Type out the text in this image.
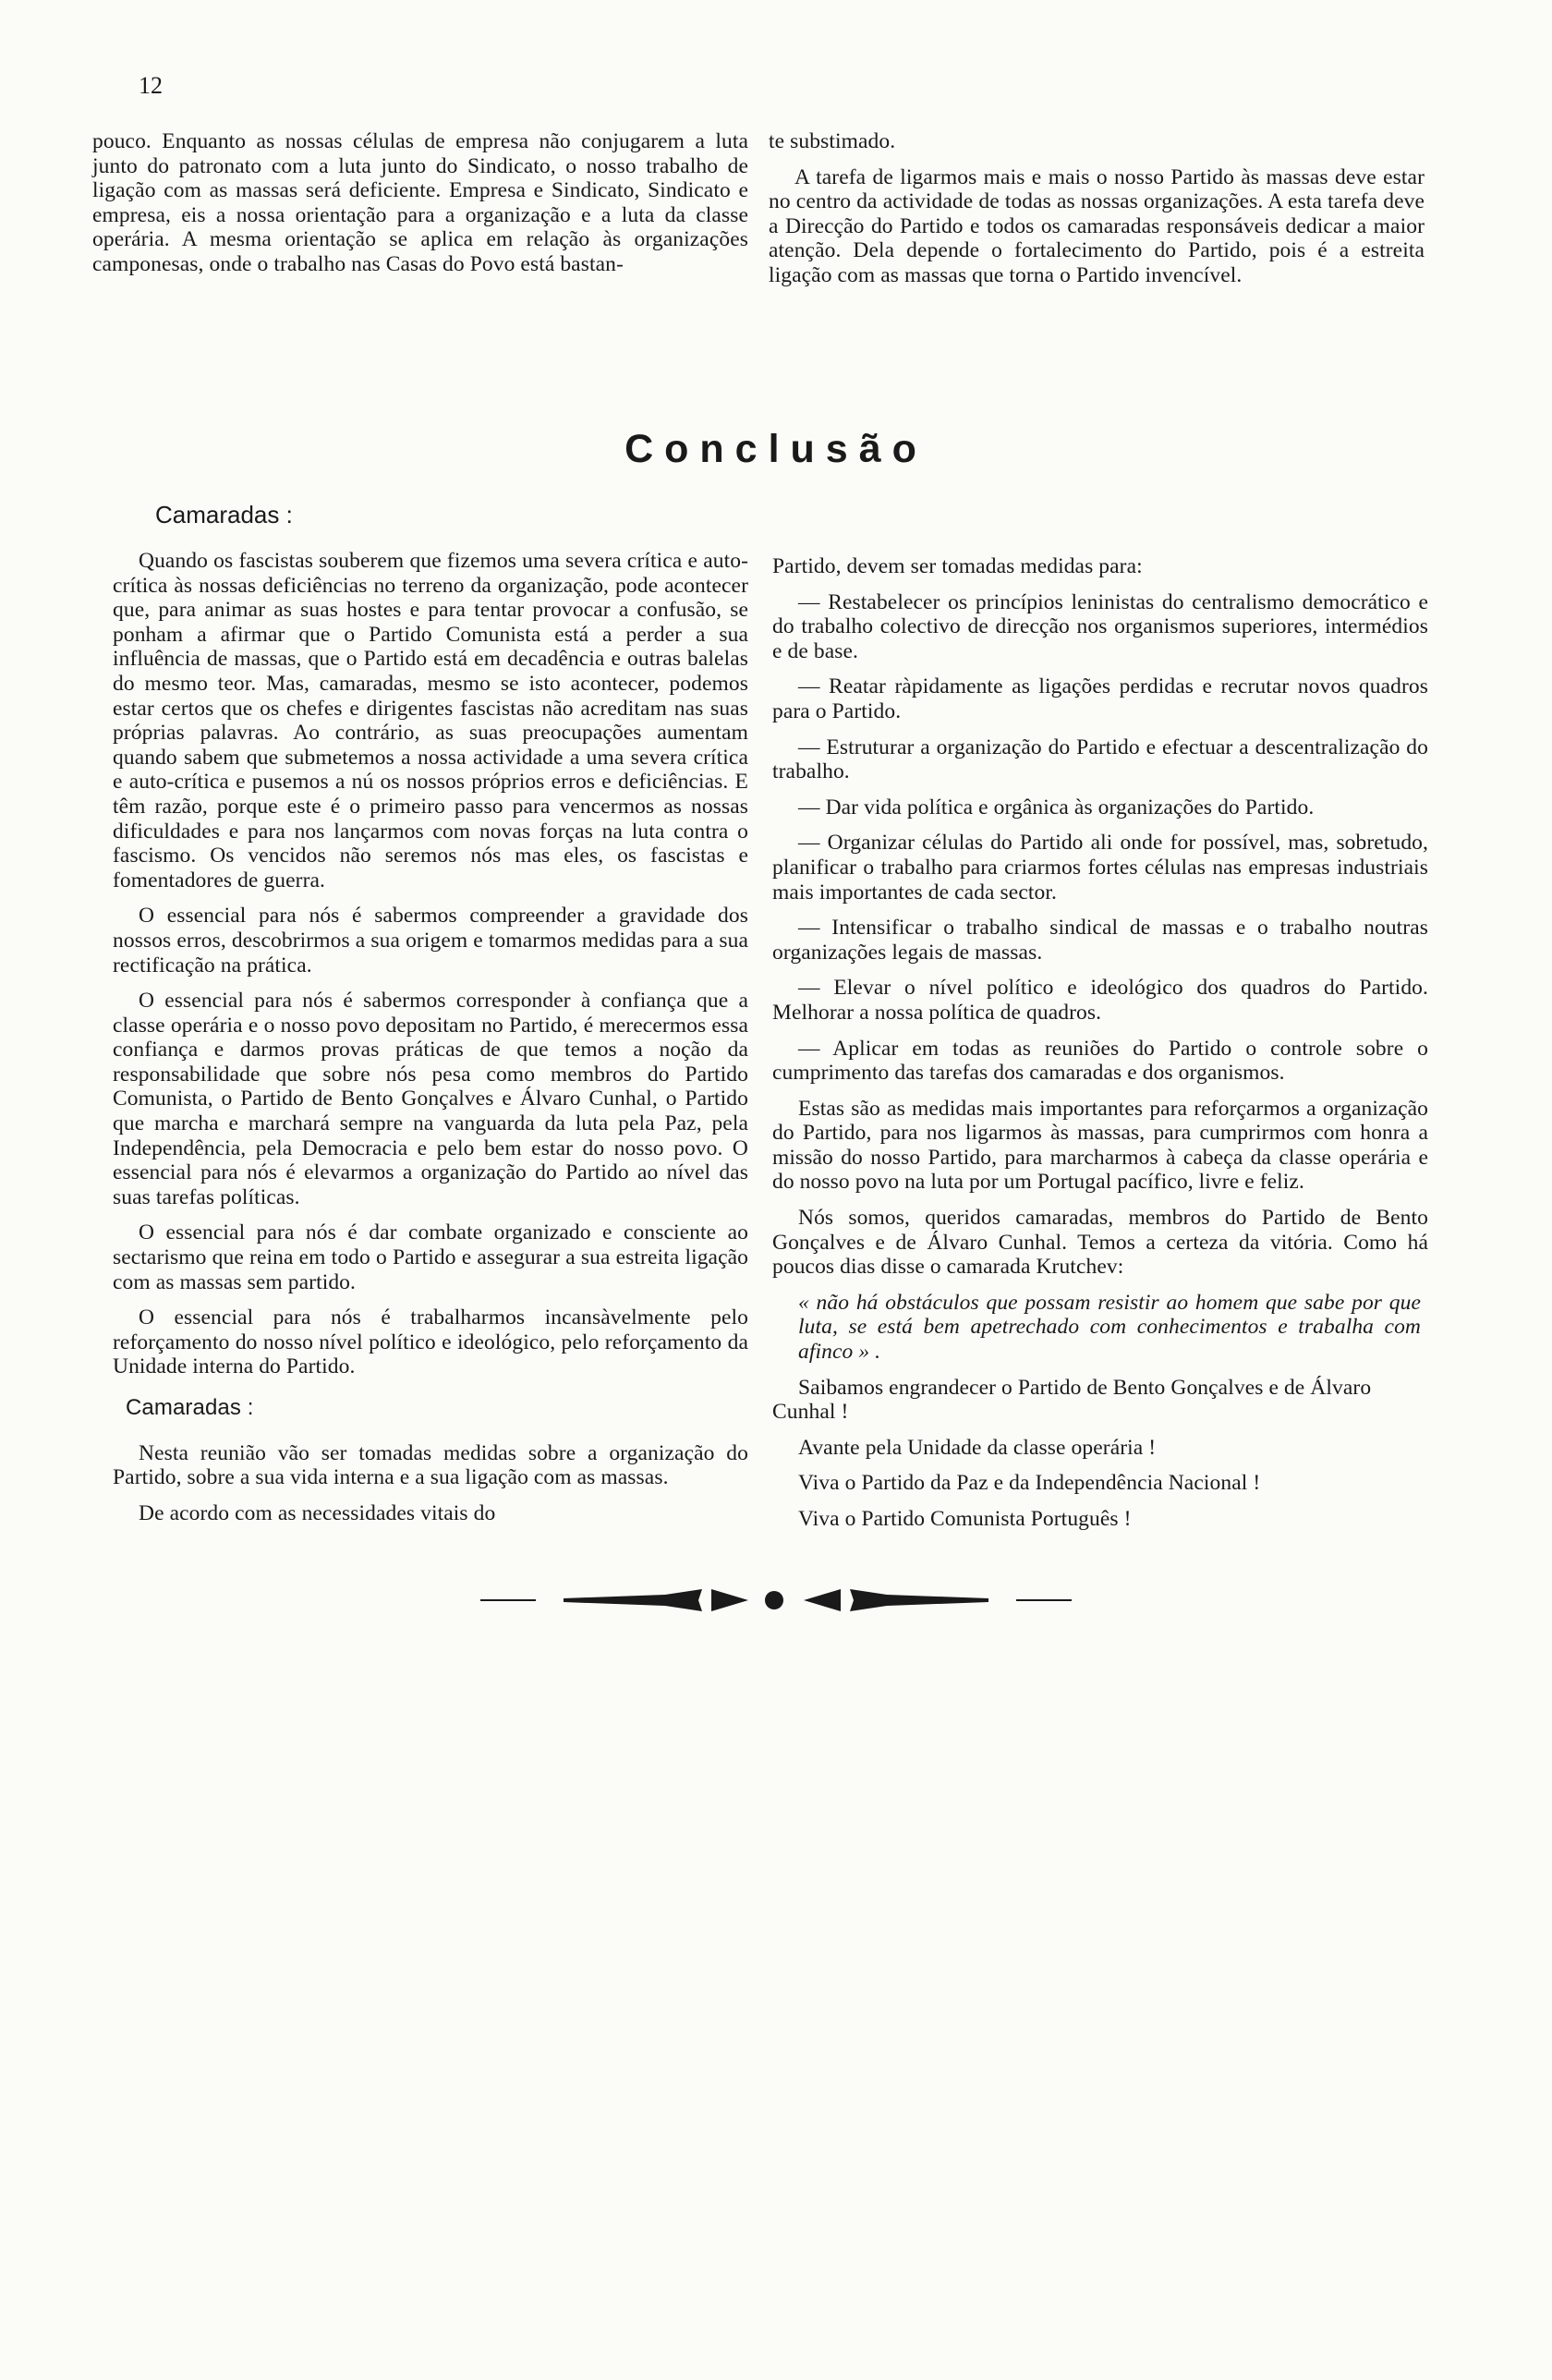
12

pouco. Enquanto as nossas células de empresa não conjugarem a luta junto do patronato com a luta junto do Sindicato, o nosso trabalho de ligação com as massas será deficiente. Empresa e Sindicato, Sindicato e empresa, eis a nossa orientação para a organização e a luta da classe operária. A mesma orientação se aplica em relação às organizações camponesas, onde o trabalho nas Casas do Povo está bastan-

te substimado.

A tarefa de ligarmos mais e mais o nosso Partido às massas deve estar no centro da actividade de todas as nossas organizações. A esta tarefa deve a Direcção do Partido e todos os camaradas responsáveis dedicar a maior atenção. Dela depende o fortalecimento do Partido, pois é a estreita ligação com as massas que torna o Partido invencível.

Conclusão

Camaradas :

Quando os fascistas souberem que fizemos uma severa crítica e auto-crítica às nossas deficiências no terreno da organização, pode acontecer que, para animar as suas hostes e para tentar provocar a confusão, se ponham a afirmar que o Partido Comunista está a perder a sua influência de massas, que o Partido está em decadência e outras balelas do mesmo teor. Mas, camaradas, mesmo se isto acontecer, podemos estar certos que os chefes e dirigentes fascistas não acreditam nas suas próprias palavras. Ao contrário, as suas preocupações aumentam quando sabem que submetemos a nossa actividade a uma severa crítica e auto-crítica e pusemos a nú os nossos próprios erros e deficiências. E têm razão, porque este é o primeiro passo para vencermos as nossas dificuldades e para nos lançarmos com novas forças na luta contra o fascismo. Os vencidos não seremos nós mas eles, os fascistas e fomentadores de guerra.

O essencial para nós é sabermos compreender a gravidade dos nossos erros, descobrirmos a sua origem e tomarmos medidas para a sua rectificação na prática.

O essencial para nós é sabermos corresponder à confiança que a classe operária e o nosso povo depositam no Partido, é merecermos essa confiança e darmos provas práticas de que temos a noção da responsabilidade que sobre nós pesa como membros do Partido Comunista, o Partido de Bento Gonçalves e Álvaro Cunhal, o Partido que marcha e marchará sempre na vanguarda da luta pela Paz, pela Independência, pela Democracia e pelo bem estar do nosso povo. O essencial para nós é elevarmos a organização do Partido ao nível das suas tarefas políticas.

O essencial para nós é dar combate organizado e consciente ao sectarismo que reina em todo o Partido e assegurar a sua estreita ligação com as massas sem partido.

O essencial para nós é trabalharmos incansàvelmente pelo reforçamento do nosso nível político e ideológico, pelo reforçamento da Unidade interna do Partido.

Camaradas :

Nesta reunião vão ser tomadas medidas sobre a organização do Partido, sobre a sua vida interna e a sua ligação com as massas.

De acordo com as necessidades vitais do

Partido, devem ser tomadas medidas para:

— Restabelecer os princípios leninistas do centralismo democrático e do trabalho colectivo de direcção nos organismos superiores, intermédios e de base.

— Reatar ràpidamente as ligações perdidas e recrutar novos quadros para o Partido.

— Estruturar a organização do Partido e efectuar a descentralização do trabalho.

— Dar vida política e orgânica às organizações do Partido.

— Organizar células do Partido ali onde for possível, mas, sobretudo, planificar o trabalho para criarmos fortes células nas empresas industriais mais importantes de cada sector.

— Intensificar o trabalho sindical de massas e o trabalho noutras organizações legais de massas.

— Elevar o nível político e ideológico dos quadros do Partido. Melhorar a nossa política de quadros.

— Aplicar em todas as reuniões do Partido o controle sobre o cumprimento das tarefas dos camaradas e dos organismos.

Estas são as medidas mais importantes para reforçarmos a organização do Partido, para nos ligarmos às massas, para cumprirmos com honra a missão do nosso Partido, para marcharmos à cabeça da classe operária e do nosso povo na luta por um Portugal pacífico, livre e feliz.

Nós somos, queridos camaradas, membros do Partido de Bento Gonçalves e de Álvaro Cunhal. Temos a certeza da vitória. Como há poucos dias disse o camarada Krutchev:

« não há obstáculos que possam resistir ao homem que sabe por que luta, se está bem apetrechado com conhecimentos e trabalha com afinco » .

Saibamos engrandecer o Partido de Bento Gonçalves e de Álvaro Cunhal !

Avante pela Unidade da classe operária !

Viva o Partido da Paz e da Independência Nacional !

Viva o Partido Comunista Português !
